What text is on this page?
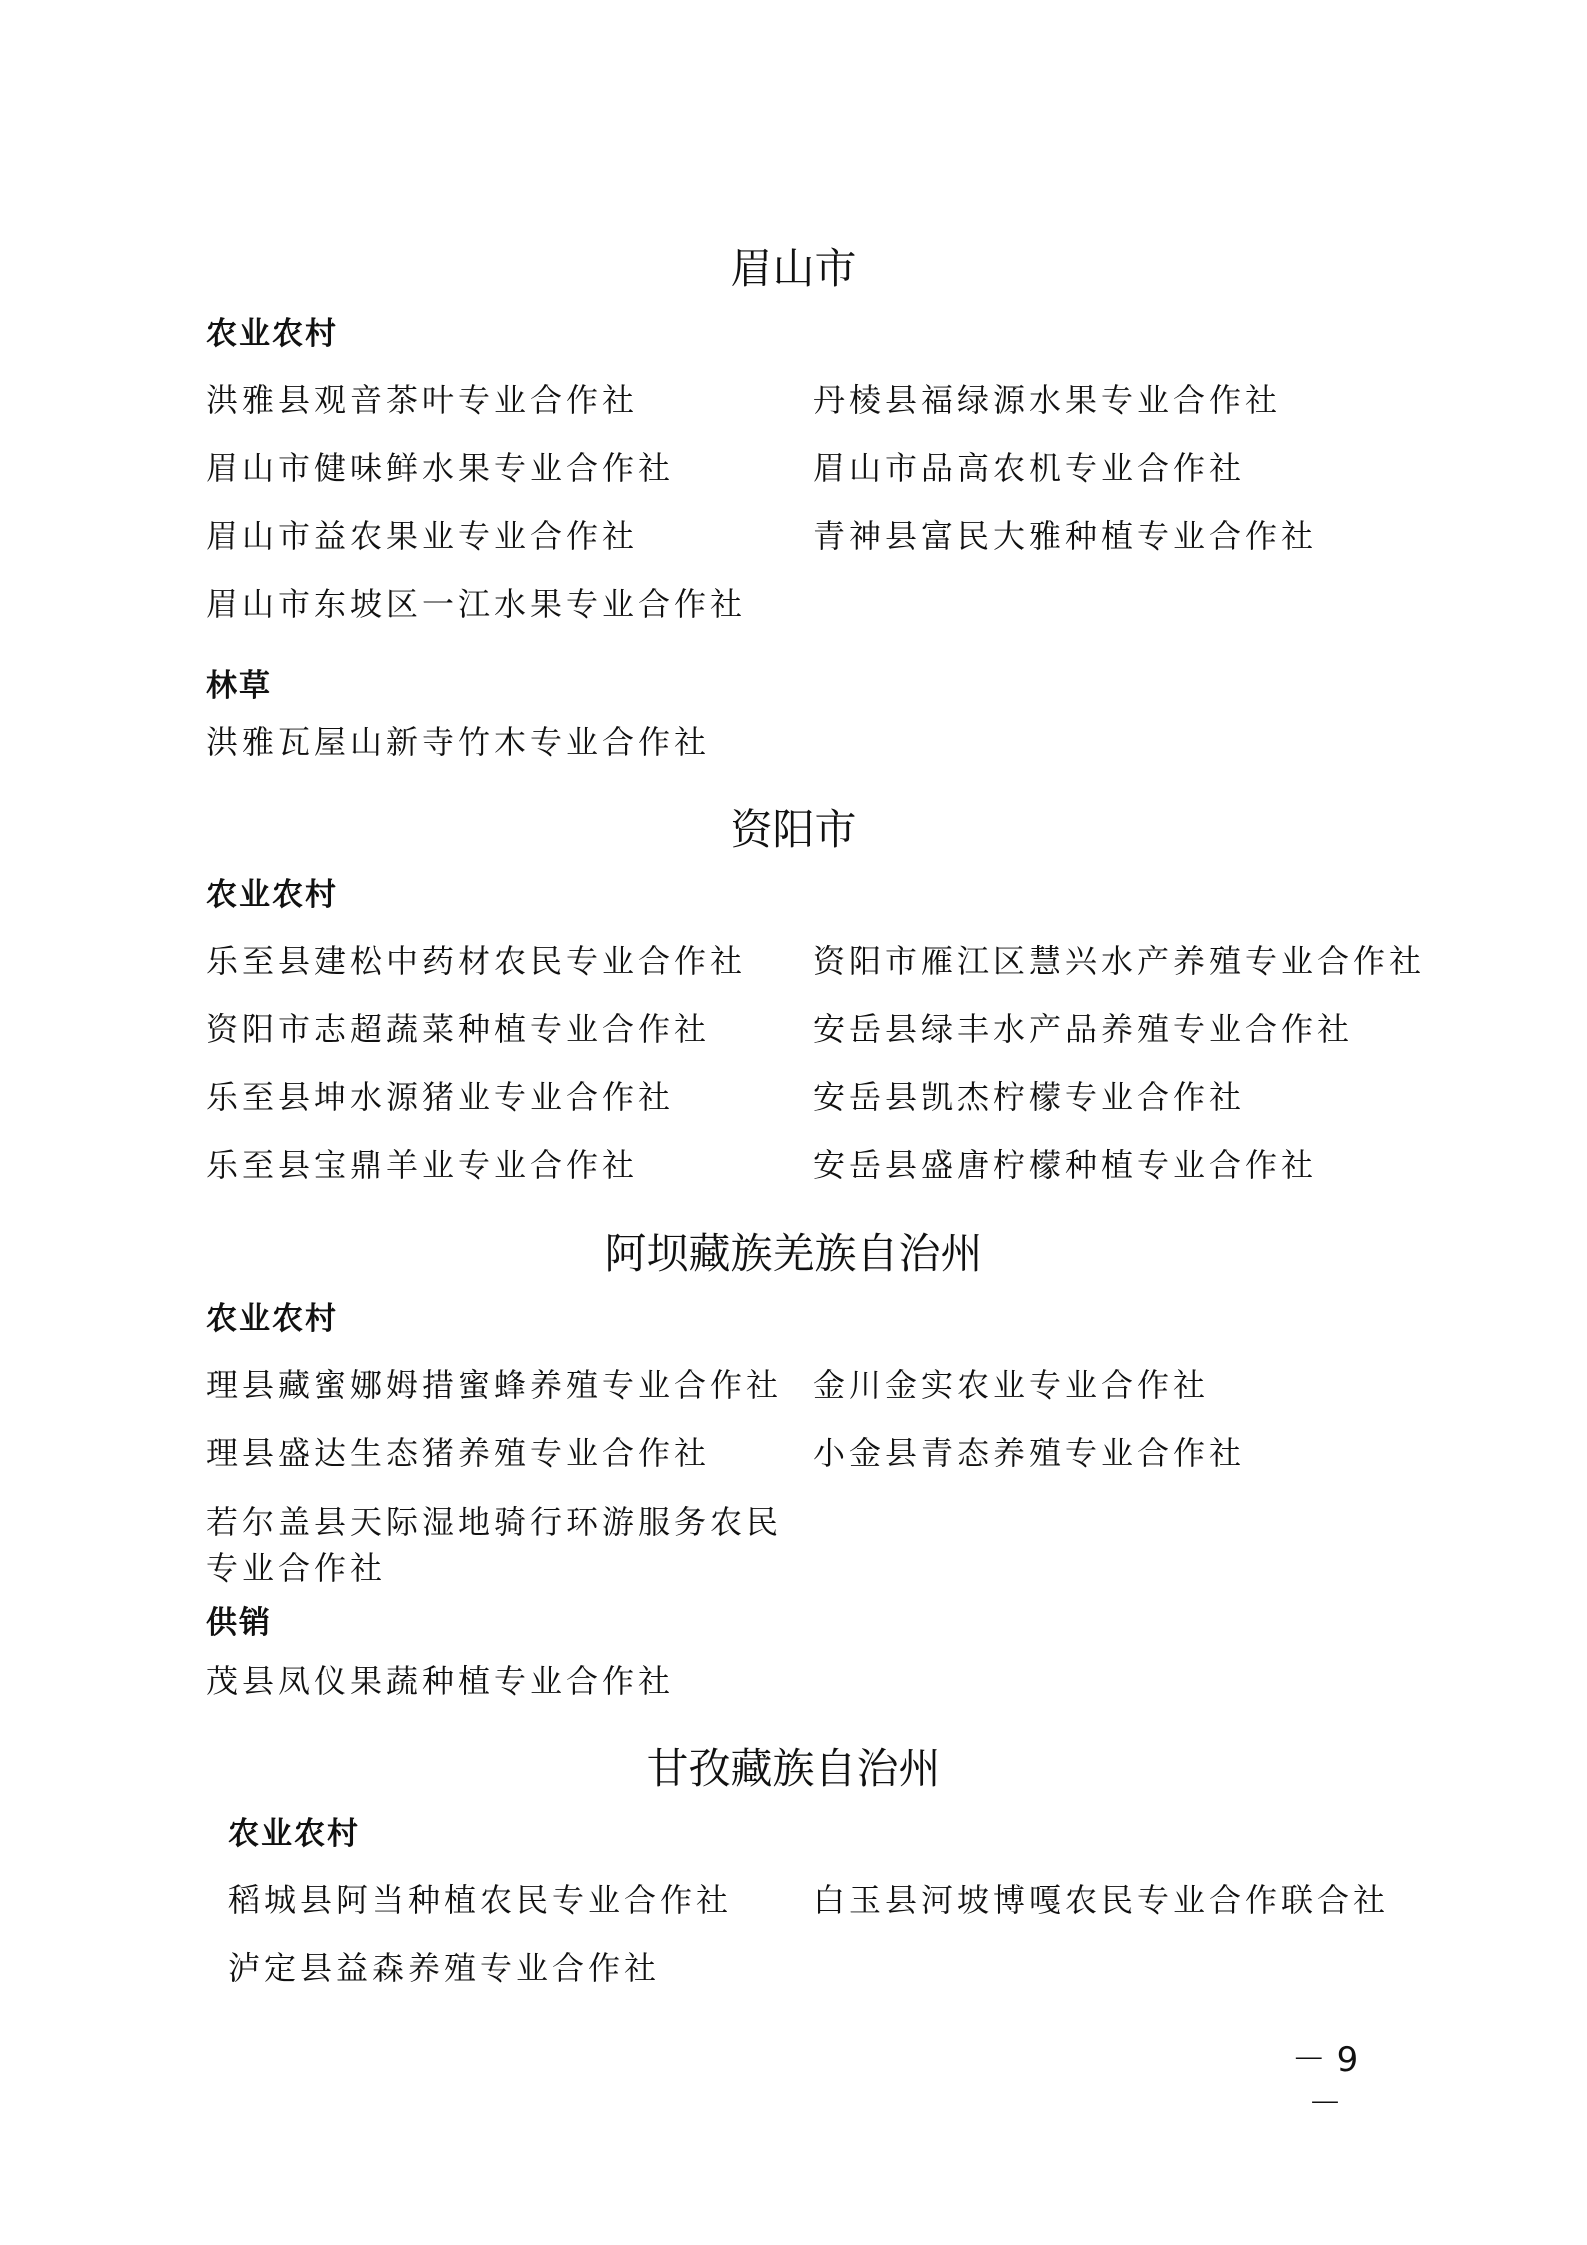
眉山市
农业农村
洪雅县观音茶叶专业合作社	丹棱县福绿源水果专业合作社
眉山市健味鲜水果专业合作社	眉山市品高农机专业合作社
眉山市益农果业专业合作社	青神县富民大雅种植专业合作社
眉山市东坡区一江水果专业合作社
林草
洪雅瓦屋山新寺竹木专业合作社
资阳市
农业农村
乐至县建松中药材农民专业合作社 资阳市雁江区慧兴水产养殖专业合作社
资阳市志超蔬菜种植专业合作社	安岳县绿丰水产品养殖专业合作社
乐至县坤水源猪业专业合作社	安岳县凯杰柠檬专业合作社
乐至县宝鼎羊业专业合作社	安岳县盛唐柠檬种植专业合作社
阿坝藏族羌族自治州
农业农村
理县藏蜜娜姆措蜜蜂养殖专业合作社 金川金实农业专业合作社
理县盛达生态猪养殖专业合作社	小金县青态养殖专业合作社
若尔盖县天际湿地骑行环游服务农民专业合作社
供销
茂县凤仪果蔬种植专业合作社
甘孜藏族自治州
农业农村
稻城县阿当种植农民专业合作社	白玉县河坡博嘎农民专业合作联合社
泸定县益森养殖专业合作社
－ 9 －
